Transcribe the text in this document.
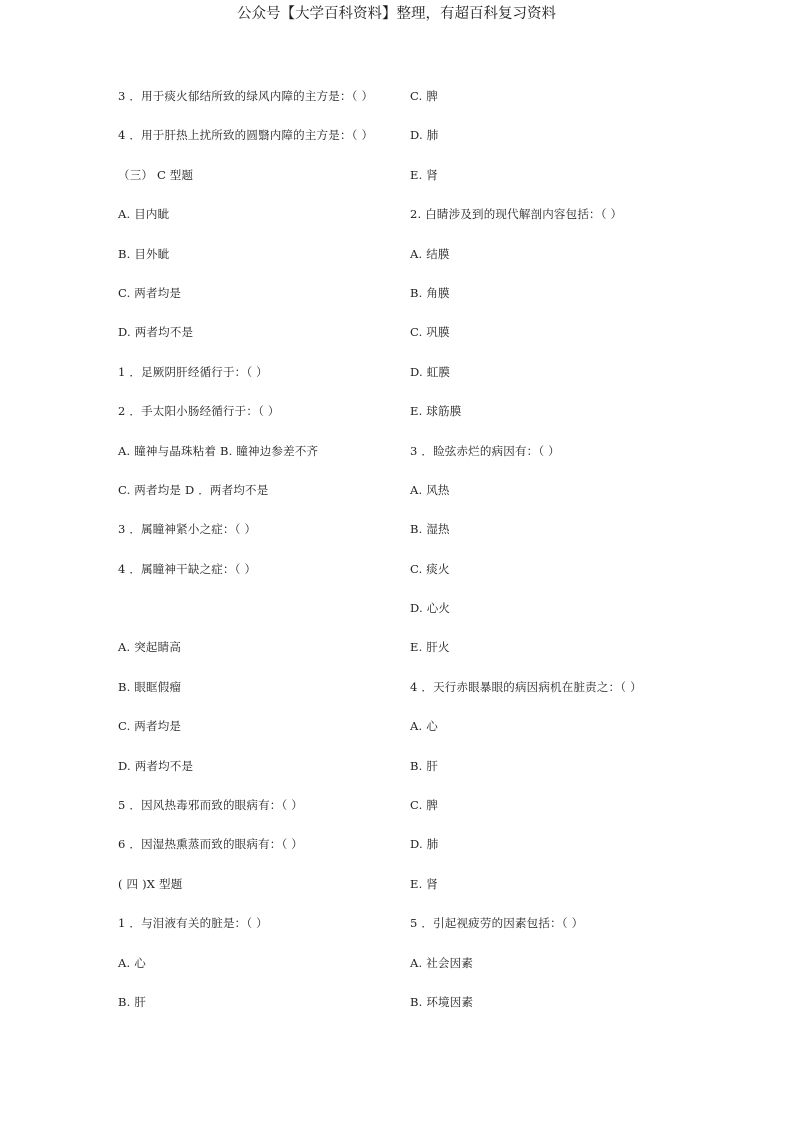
公众号【大学百科资料】整理，有超百科复习资料
3 ．用于痰火郁结所致的绿风内障的主方是：（ ）
4 ．用于肝热上扰所致的圆翳内障的主方是：（ ）
（三） C 型题
A. 目内眦
B. 目外眦
C. 两者均是
D. 两者均不是
1 ．足厥阴肝经循行于：（ ）
2 ．手太阳小肠经循行于：（ ）
A. 瞳神与晶珠粘着 B. 瞳神边参差不齐
C. 两者均是 D ．两者均不是
3 ．属瞳神紧小之症：（ ）
4 ．属瞳神干缺之症：（ ）
A. 突起睛高
B. 眼眶假瘤
C. 两者均是
D. 两者均不是
5 ．因风热毒邪而致的眼病有：（ ）
6 ．因湿热熏蒸而致的眼病有：（ ）
( 四 )X 型题
1 ．与泪液有关的脏是：（ ）
A. 心
B. 肝
C. 脾
D. 肺
E. 肾
2. 白睛涉及到的现代解剖内容包括：（ ）
A. 结膜
B. 角膜
C. 巩膜
D. 虹膜
E. 球筋膜
3 ．睑弦赤烂的病因有：（ ）
A. 风热
B. 湿热
C. 痰火
D. 心火
E. 肝火
4 ．天行赤眼暴眼的病因病机在脏责之：（ ）
A. 心
B. 肝
C. 脾
D. 肺
E. 肾
5 ．引起视疲劳的因素包括：（ ）
A. 社会因素
B. 环境因素
